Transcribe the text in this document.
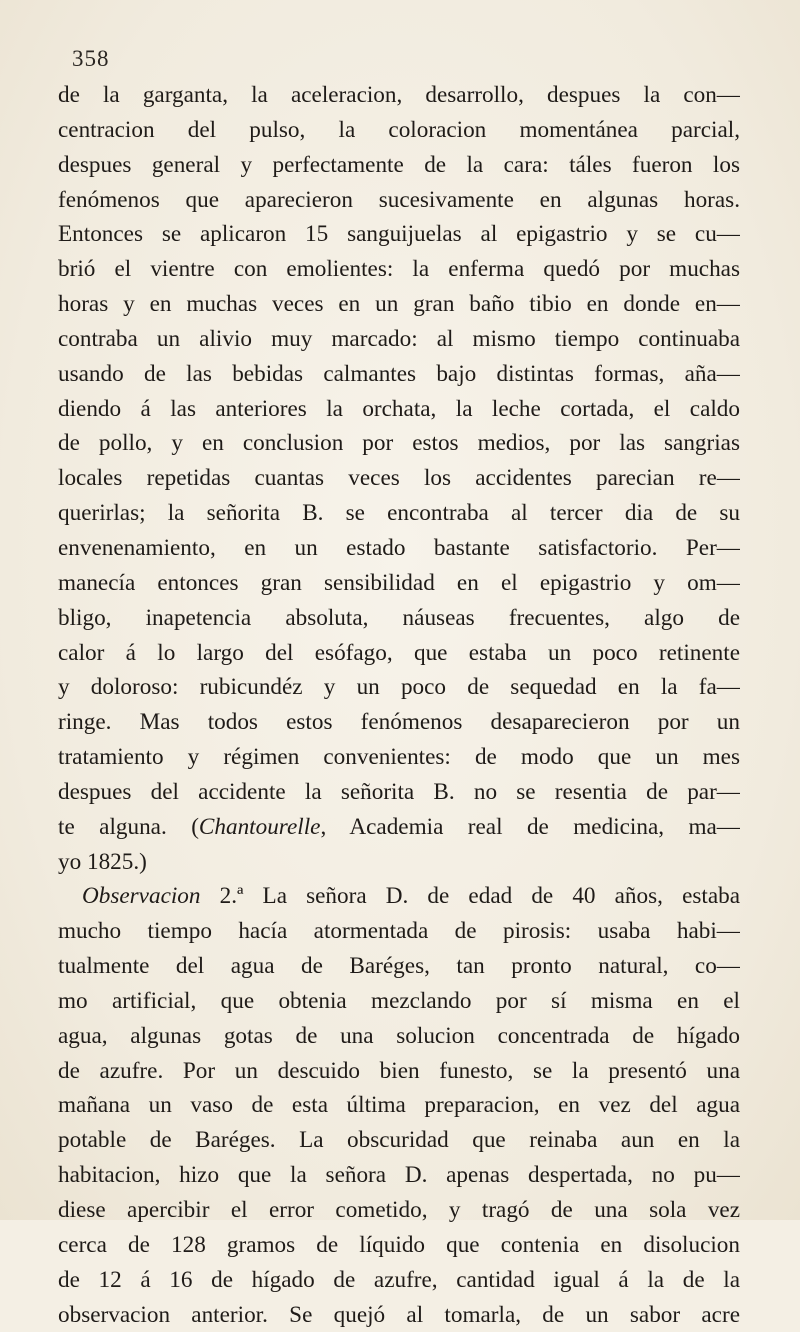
358
de la garganta, la aceleracion, desarrollo, despues la con—
centracion del pulso, la coloracion momentánea parcial,
despues general y perfectamente de la cara: táles fueron los
fenómenos que aparecieron sucesivamente en algunas horas.
Entonces se aplicaron 15 sanguijuelas al epigastrio y se cu—
brió el vientre con emolientes: la enferma quedó por muchas
horas y en muchas veces en un gran baño tibio en donde en—
contraba un alivio muy marcado: al mismo tiempo continuaba
usando de las bebidas calmantes bajo distintas formas, aña—
diendo á las anteriores la orchata, la leche cortada, el caldo
de pollo, y en conclusion por estos medios, por las sangrias
locales repetidas cuantas veces los accidentes parecian re—
querirlas; la señorita B. se encontraba al tercer dia de su
envenenamiento, en un estado bastante satisfactorio. Per—
manecía entonces gran sensibilidad en el epigastrio y om—
bligo, inapetencia absoluta, náuseas frecuentes, algo de
calor á lo largo del esófago, que estaba un poco retinente
y doloroso: rubicundéz y un poco de sequedad en la fa—
ringe. Mas todos estos fenómenos desaparecieron por un
tratamiento y régimen convenientes: de modo que un mes
despues del accidente la señorita B. no se resentia de par—
te alguna. (Chantourelle, Academia real de medicina, ma—
yo 1825.)
Observacion 2.ª La señora D. de edad de 40 años, estaba
mucho tiempo hacía atormentada de pirosis: usaba habi—
tualmente del agua de Baréges, tan pronto natural, co—
mo artificial, que obtenia mezclando por sí misma en el
agua, algunas gotas de una solucion concentrada de hígado
de azufre. Por un descuido bien funesto, se la presentó una
mañana un vaso de esta última preparacion, en vez del agua
potable de Baréges. La obscuridad que reinaba aun en la
habitacion, hizo que la señora D. apenas despertada, no pu—
diese apercibir el error cometido, y tragó de una sola vez
cerca de 128 gramos de líquido que contenia en disolucion
de 12 á 16 de hígado de azufre, cantidad igual á la de la
observacion anterior. Se quejó al tomarla, de un sabor acre
